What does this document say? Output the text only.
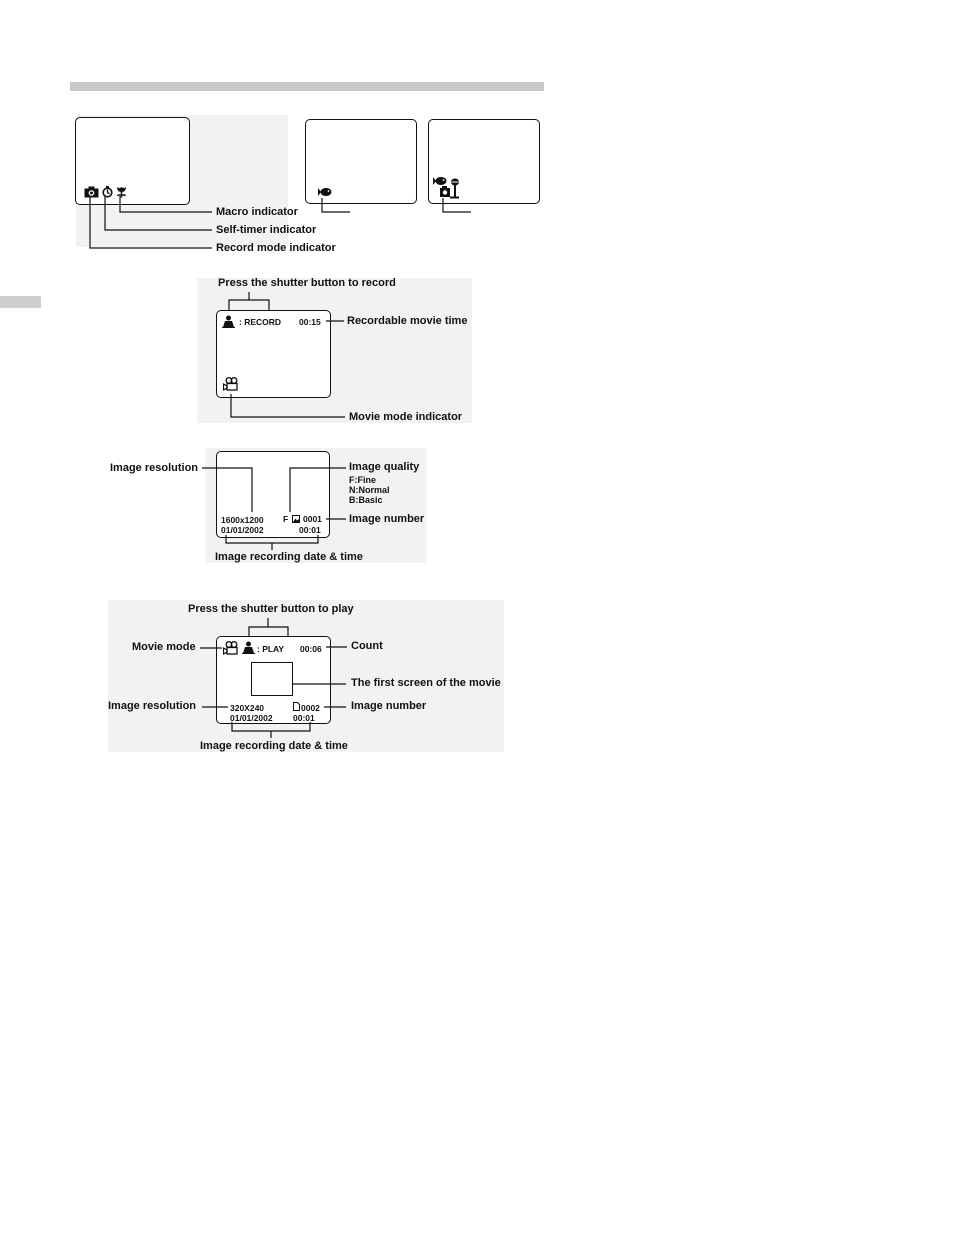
Macro indicator
Self-timer indicator
Record mode indicator
Press the shutter button to record
: RECORD 00:15 Recordable movie time
Movie mode indicator
1600x1200 F 0001
01/01/2002	00:01
Image resolution	Image quality
F:Fine
N:Normal
B:Basic
Image number
Image recording date & time
Press the shutter button to play
: PLAY 00:06
320X240	0002
01/01/2002 00:01
Movie mode	Count
The first screen of the movie
Image resolution	Image number
Image recording date & time
